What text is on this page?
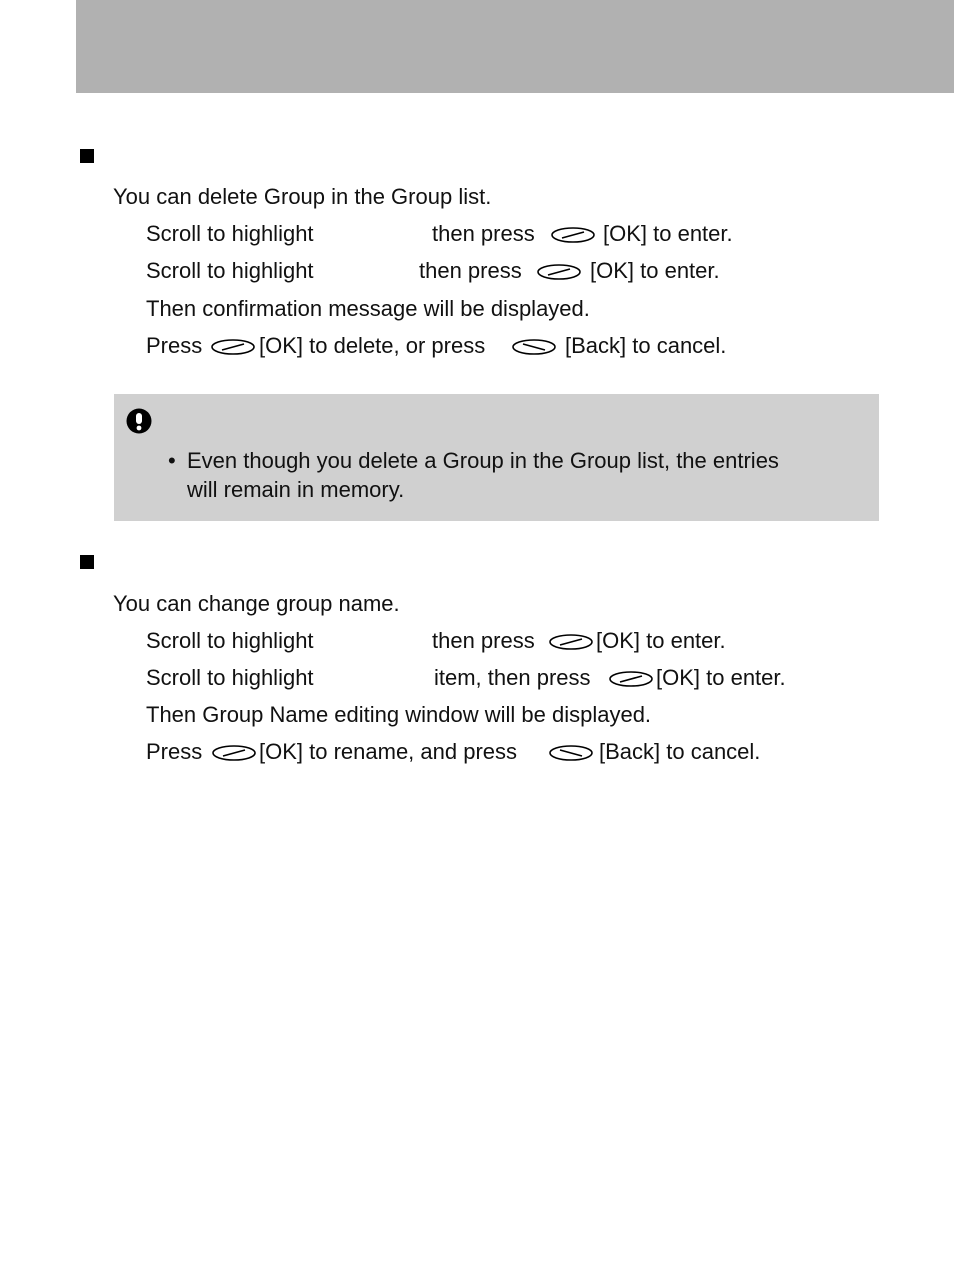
You can delete Group in the Group list.
Scroll to highlight	then press	[OK] to enter.
Scroll to highlight	then press	[OK] to enter.
Then confirmation message will be displayed.
Press	[OK] to delete, or press	[Back] to cancel.
• Even though you delete a Group in the Group list, the entries
will remain in memory.
You can change group name.
Scroll to highlight	then press	[OK] to enter.
Scroll to highlight	item, then press	[OK] to enter.
Then Group Name editing window will be displayed.
Press	[OK] to rename, and press	[Back] to cancel.
